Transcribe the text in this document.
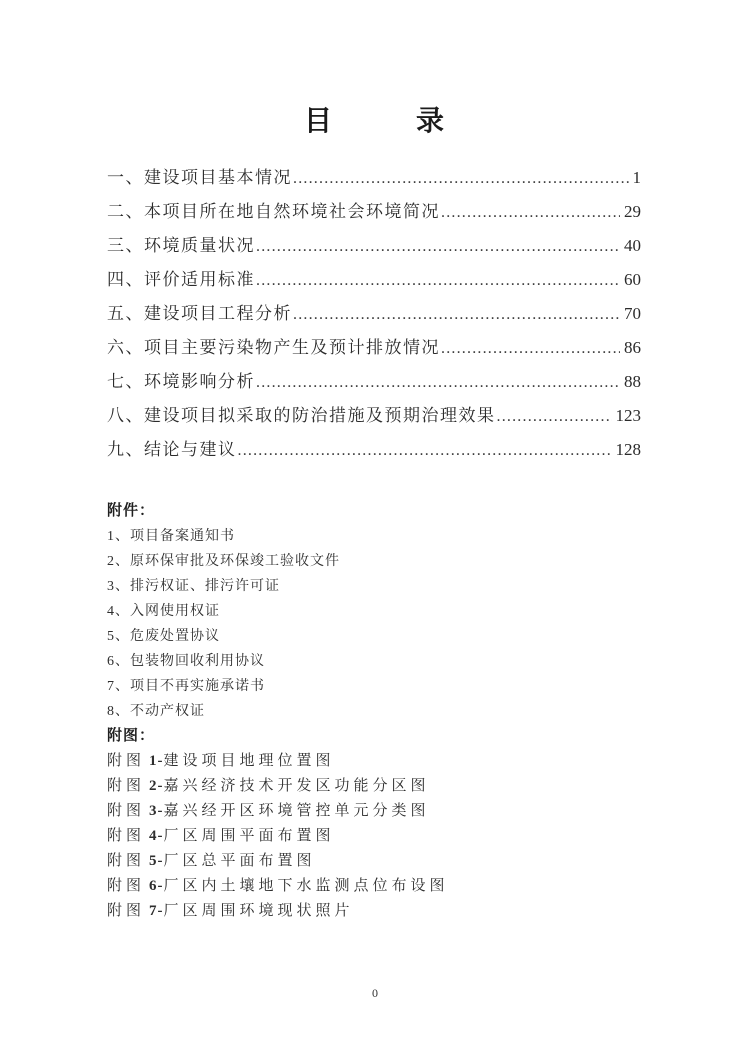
目	录
一、建设项目基本情况 .....	1
二、本项目所在地自然环境社会环境简况 .....	29
三、环境质量状况 .....	40
四、评价适用标准 .....	60
五、建设项目工程分析 .....	70
六、项目主要污染物产生及预计排放情况 .....	86
七、环境影响分析 .....	88
八、建设项目拟采取的防治措施及预期治理效果 .....	123
九、结论与建议 .....	128
附件：
1、项目备案通知书
2、原环保审批及环保竣工验收文件
3、排污权证、排污许可证
4、入网使用权证
5、危废处置协议
6、包装物回收利用协议
7、项目不再实施承诺书
8、不动产权证
附图：
附图 1-建设项目地理位置图
附图 2-嘉兴经济技术开发区功能分区图
附图 3-嘉兴经开区环境管控单元分类图
附图 4-厂区周围平面布置图
附图 5-厂区总平面布置图
附图 6-厂区内土壤地下水监测点位布设图
附图 7-厂区周围环境现状照片
0
